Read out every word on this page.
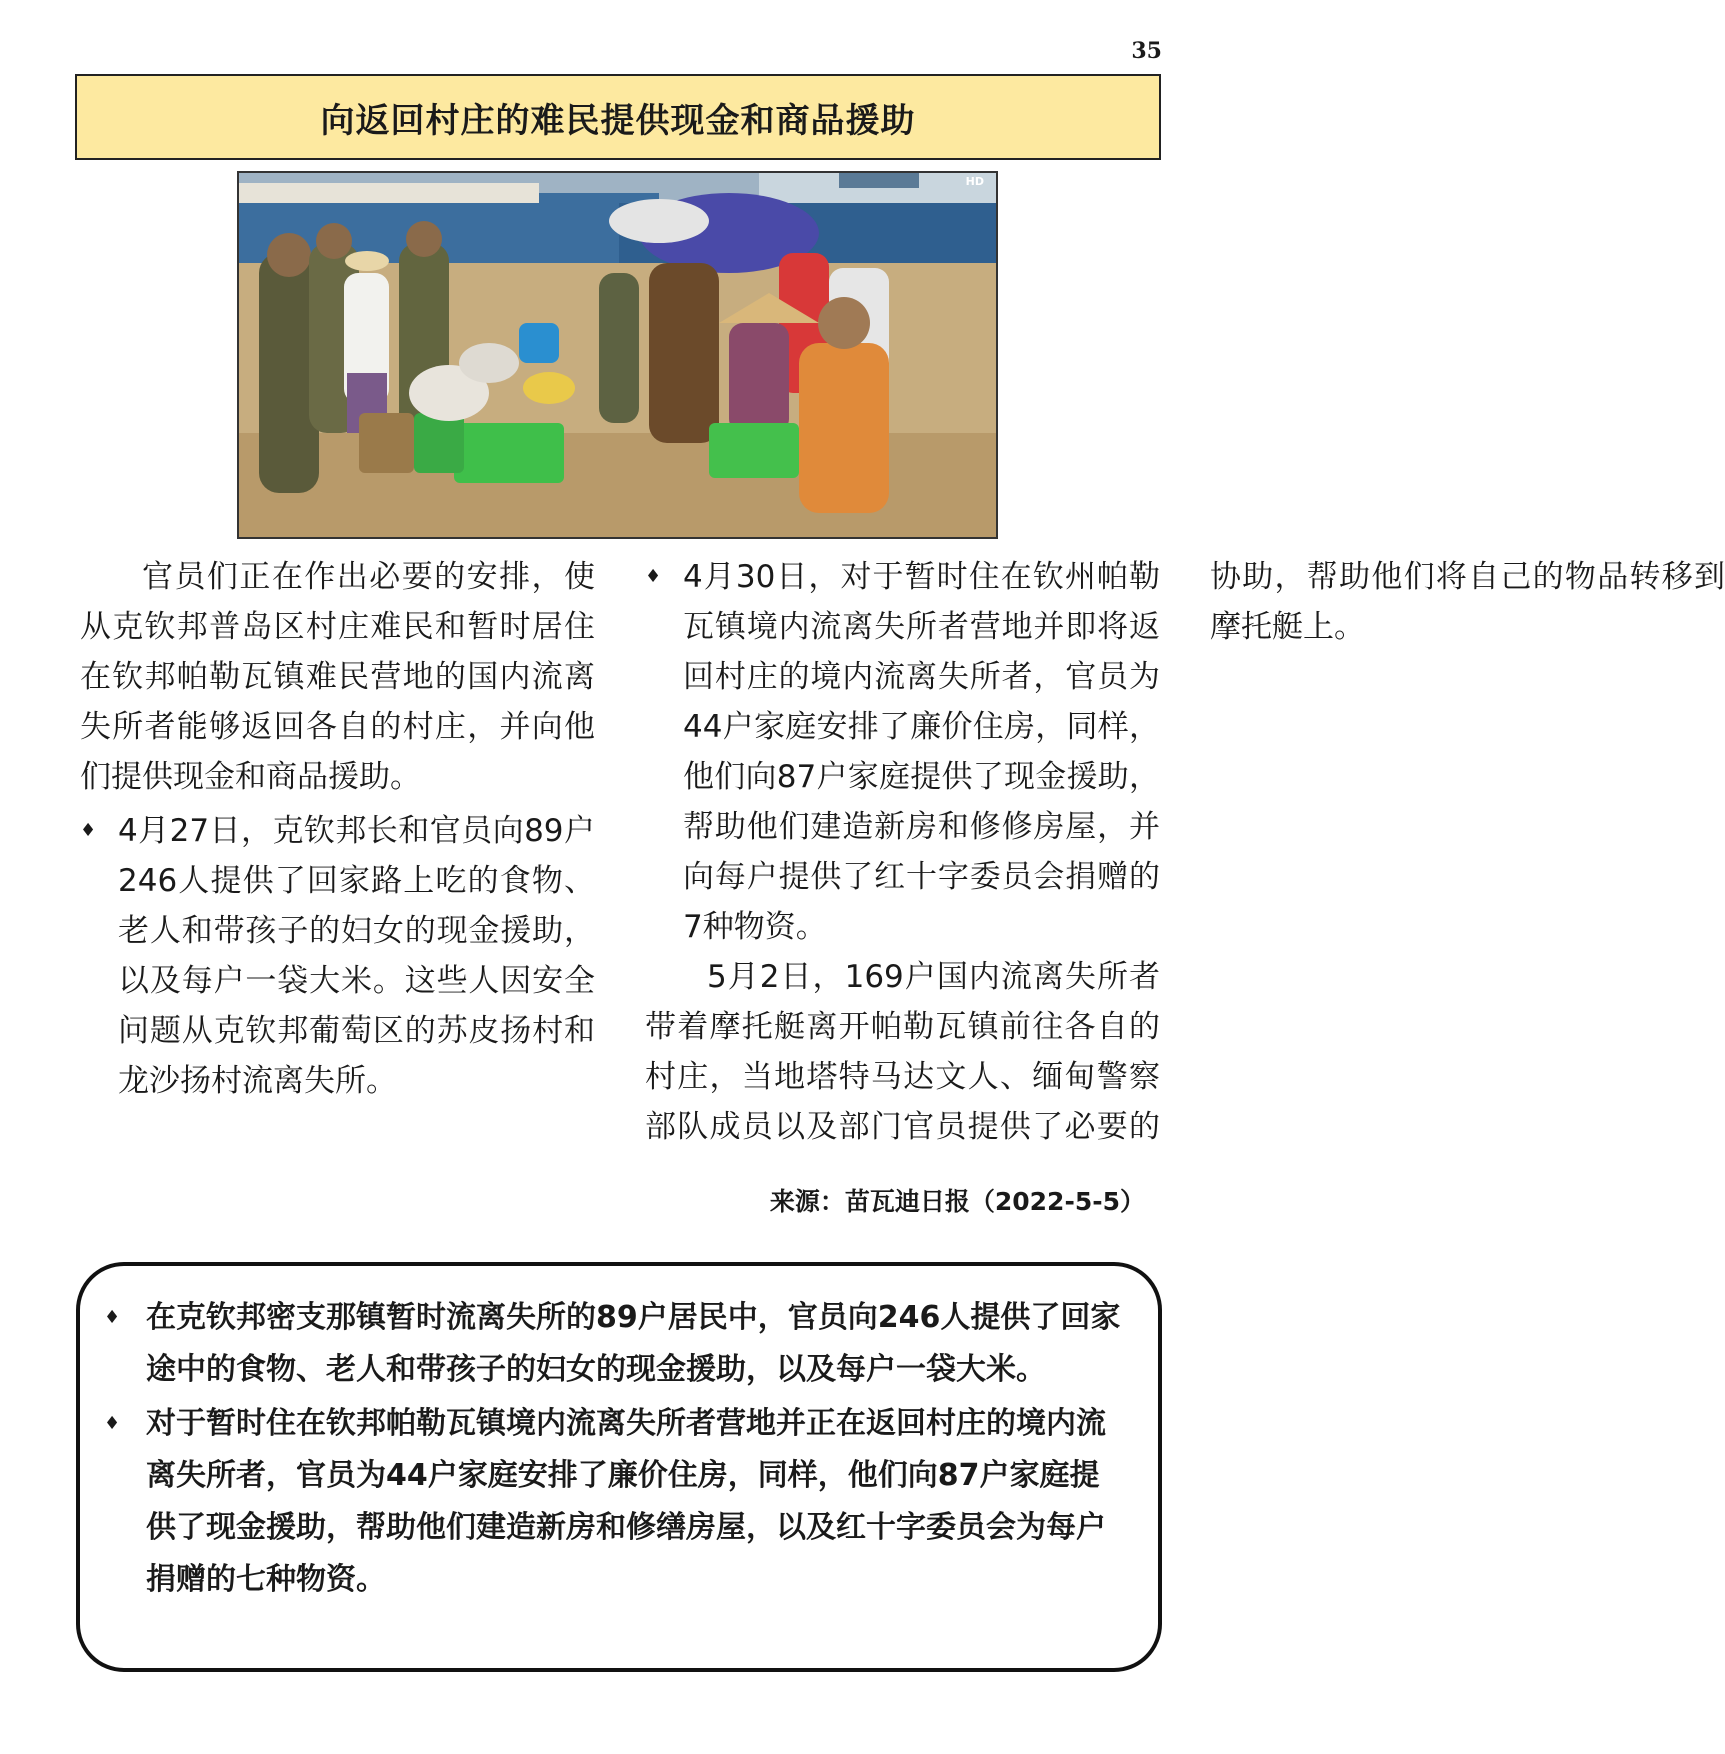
35
向返回村庄的难民提供现金和商品援助
HD
来源：苗瓦迪日报（2022-5-5）
♦ 在克钦邦密支那镇暂时流离失所的89户居民中，官员向246人提供了回家途中的食物、老人和带孩子的妇女的现金援助，以及每户一袋大米。
♦ 对于暂时住在钦邦帕勒瓦镇境内流离失所者营地并正在返回村庄的境内流离失所者，官员为44户家庭安排了廉价住房，同样，他们向87户家庭提供了现金援助，帮助他们建造新房和修缮房屋，以及红十字委员会为每户捐赠的七种物资。

官员们正在作出必要的安排，使从克钦邦普岛区村庄难民和暂时居住在钦邦帕勒瓦镇难民营地的国内流离失所者能够返回各自的村庄，并向他们提供现金和商品援助。

♦ 4月27日，克钦邦长和官员向89户246人提供了回家路上吃的食物、老人和带孩子的妇女的现金援助，以及每户一袋大米。这些人因安全问题从克钦邦葡萄区的苏皮扬村和龙沙扬村流离失所。

♦ 4月30日，对于暂时住在钦州帕勒瓦镇境内流离失所者营地并即将返回村庄的境内流离失所者，官员为44户家庭安排了廉价住房，同样，他们向87户家庭提供了现金援助，帮助他们建造新房和修修房屋，并向每户提供了红十字委员会捐赠的7种物资。

5月2日，169户国内流离失所者带着摩托艇离开帕勒瓦镇前往各自的村庄，当地塔特马达文人、缅甸警察部队成员以及部门官员提供了必要的协助，帮助他们将自己的物品转移到摩托艇上。
